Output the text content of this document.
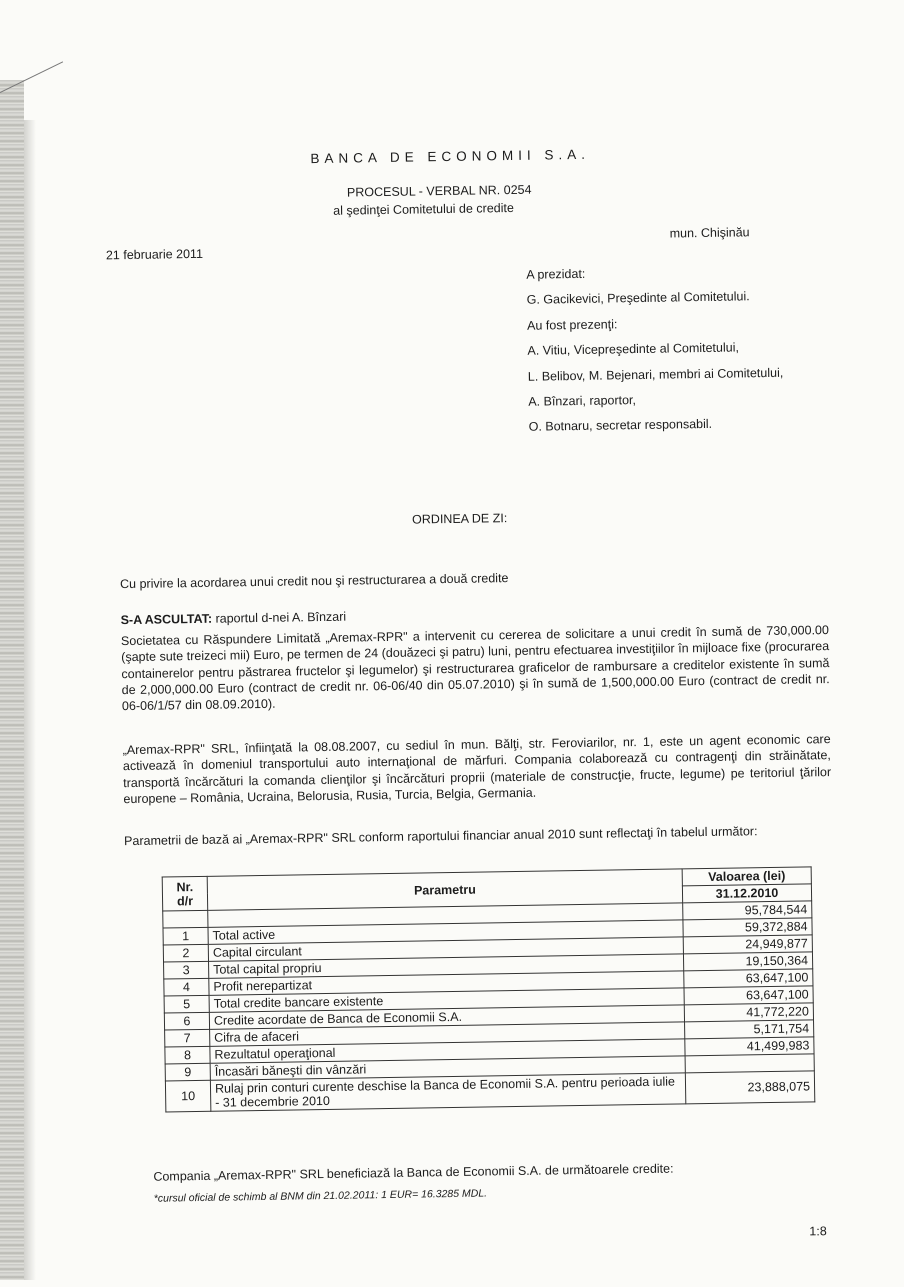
BANCA DE ECONOMII S.A.
PROCESUL - VERBAL NR. 0254
al şedinţei Comitetului de credite
21 februarie 2011
mun. Chişinău
A prezidat:
G. Gacikevici, Preşedinte al Comitetului.
Au fost prezenţi:
A. Vitiu, Vicepreşedinte al Comitetului,
L. Belibov, M. Bejenari, membri ai Comitetului,
A. Bînzari, raportor,
O. Botnaru, secretar responsabil.
ORDINEA DE ZI:
Cu privire la acordarea unui credit nou şi restructurarea a două credite
S-A ASCULTAT: raportul d-nei A. Bînzari
Societatea cu Răspundere Limitată „Aremax-RPR" a intervenit cu cererea de solicitare a unui credit în sumă de 730,000.00 (şapte sute treizeci mii) Euro, pe termen de 24 (douăzeci şi patru) luni, pentru efectuarea investiţiilor în mijloace fixe (procurarea containerelor pentru păstrarea fructelor şi legumelor) şi restructurarea graficelor de rambursare a creditelor existente în sumă de 2,000,000.00 Euro (contract de credit nr. 06-06/40 din 05.07.2010) şi în sumă de 1,500,000.00 Euro (contract de credit nr. 06-06/1/57 din 08.09.2010).
„Aremax-RPR" SRL, înfiinţată la 08.08.2007, cu sediul în mun. Bălţi, str. Feroviarilor, nr. 1, este un agent economic care activează în domeniul transportului auto internaţional de mărfuri. Compania colaborează cu contragenţi din străinătate, transportă încărcături la comanda clienţilor şi încărcături proprii (materiale de construcţie, fructe, legume) pe teritoriul ţărilor europene – România, Ucraina, Belorusia, Rusia, Turcia, Belgia, Germania.
Parametrii de bază ai „Aremax-RPR" SRL conform raportului financiar anual 2010 sunt reflectaţi în tabelul următor:
Nr. d/r	Parametru	Valoarea (lei)
		31.12.2010
		95,784,544
1	Total active	59,372,884
2	Capital circulant	24,949,877
3	Total capital propriu	19,150,364
4	Profit nerepartizat	63,647,100
5	Total credite bancare existente	63,647,100
6	Credite acordate de Banca de Economii S.A.	41,772,220
7	Cifra de afaceri	5,171,754
8	Rezultatul operaţional	41,499,983
9	Încasări băneşti din vânzări	
10	Rulaj prin conturi curente deschise la Banca de Economii S.A. pentru perioada iulie - 31 decembrie 2010	23,888,075
Compania „Aremax-RPR" SRL beneficiază la Banca de Economii S.A. de următoarele credite:
*cursul oficial de schimb al BNM din 21.02.2011: 1 EUR= 16.3285 MDL.
1:8
